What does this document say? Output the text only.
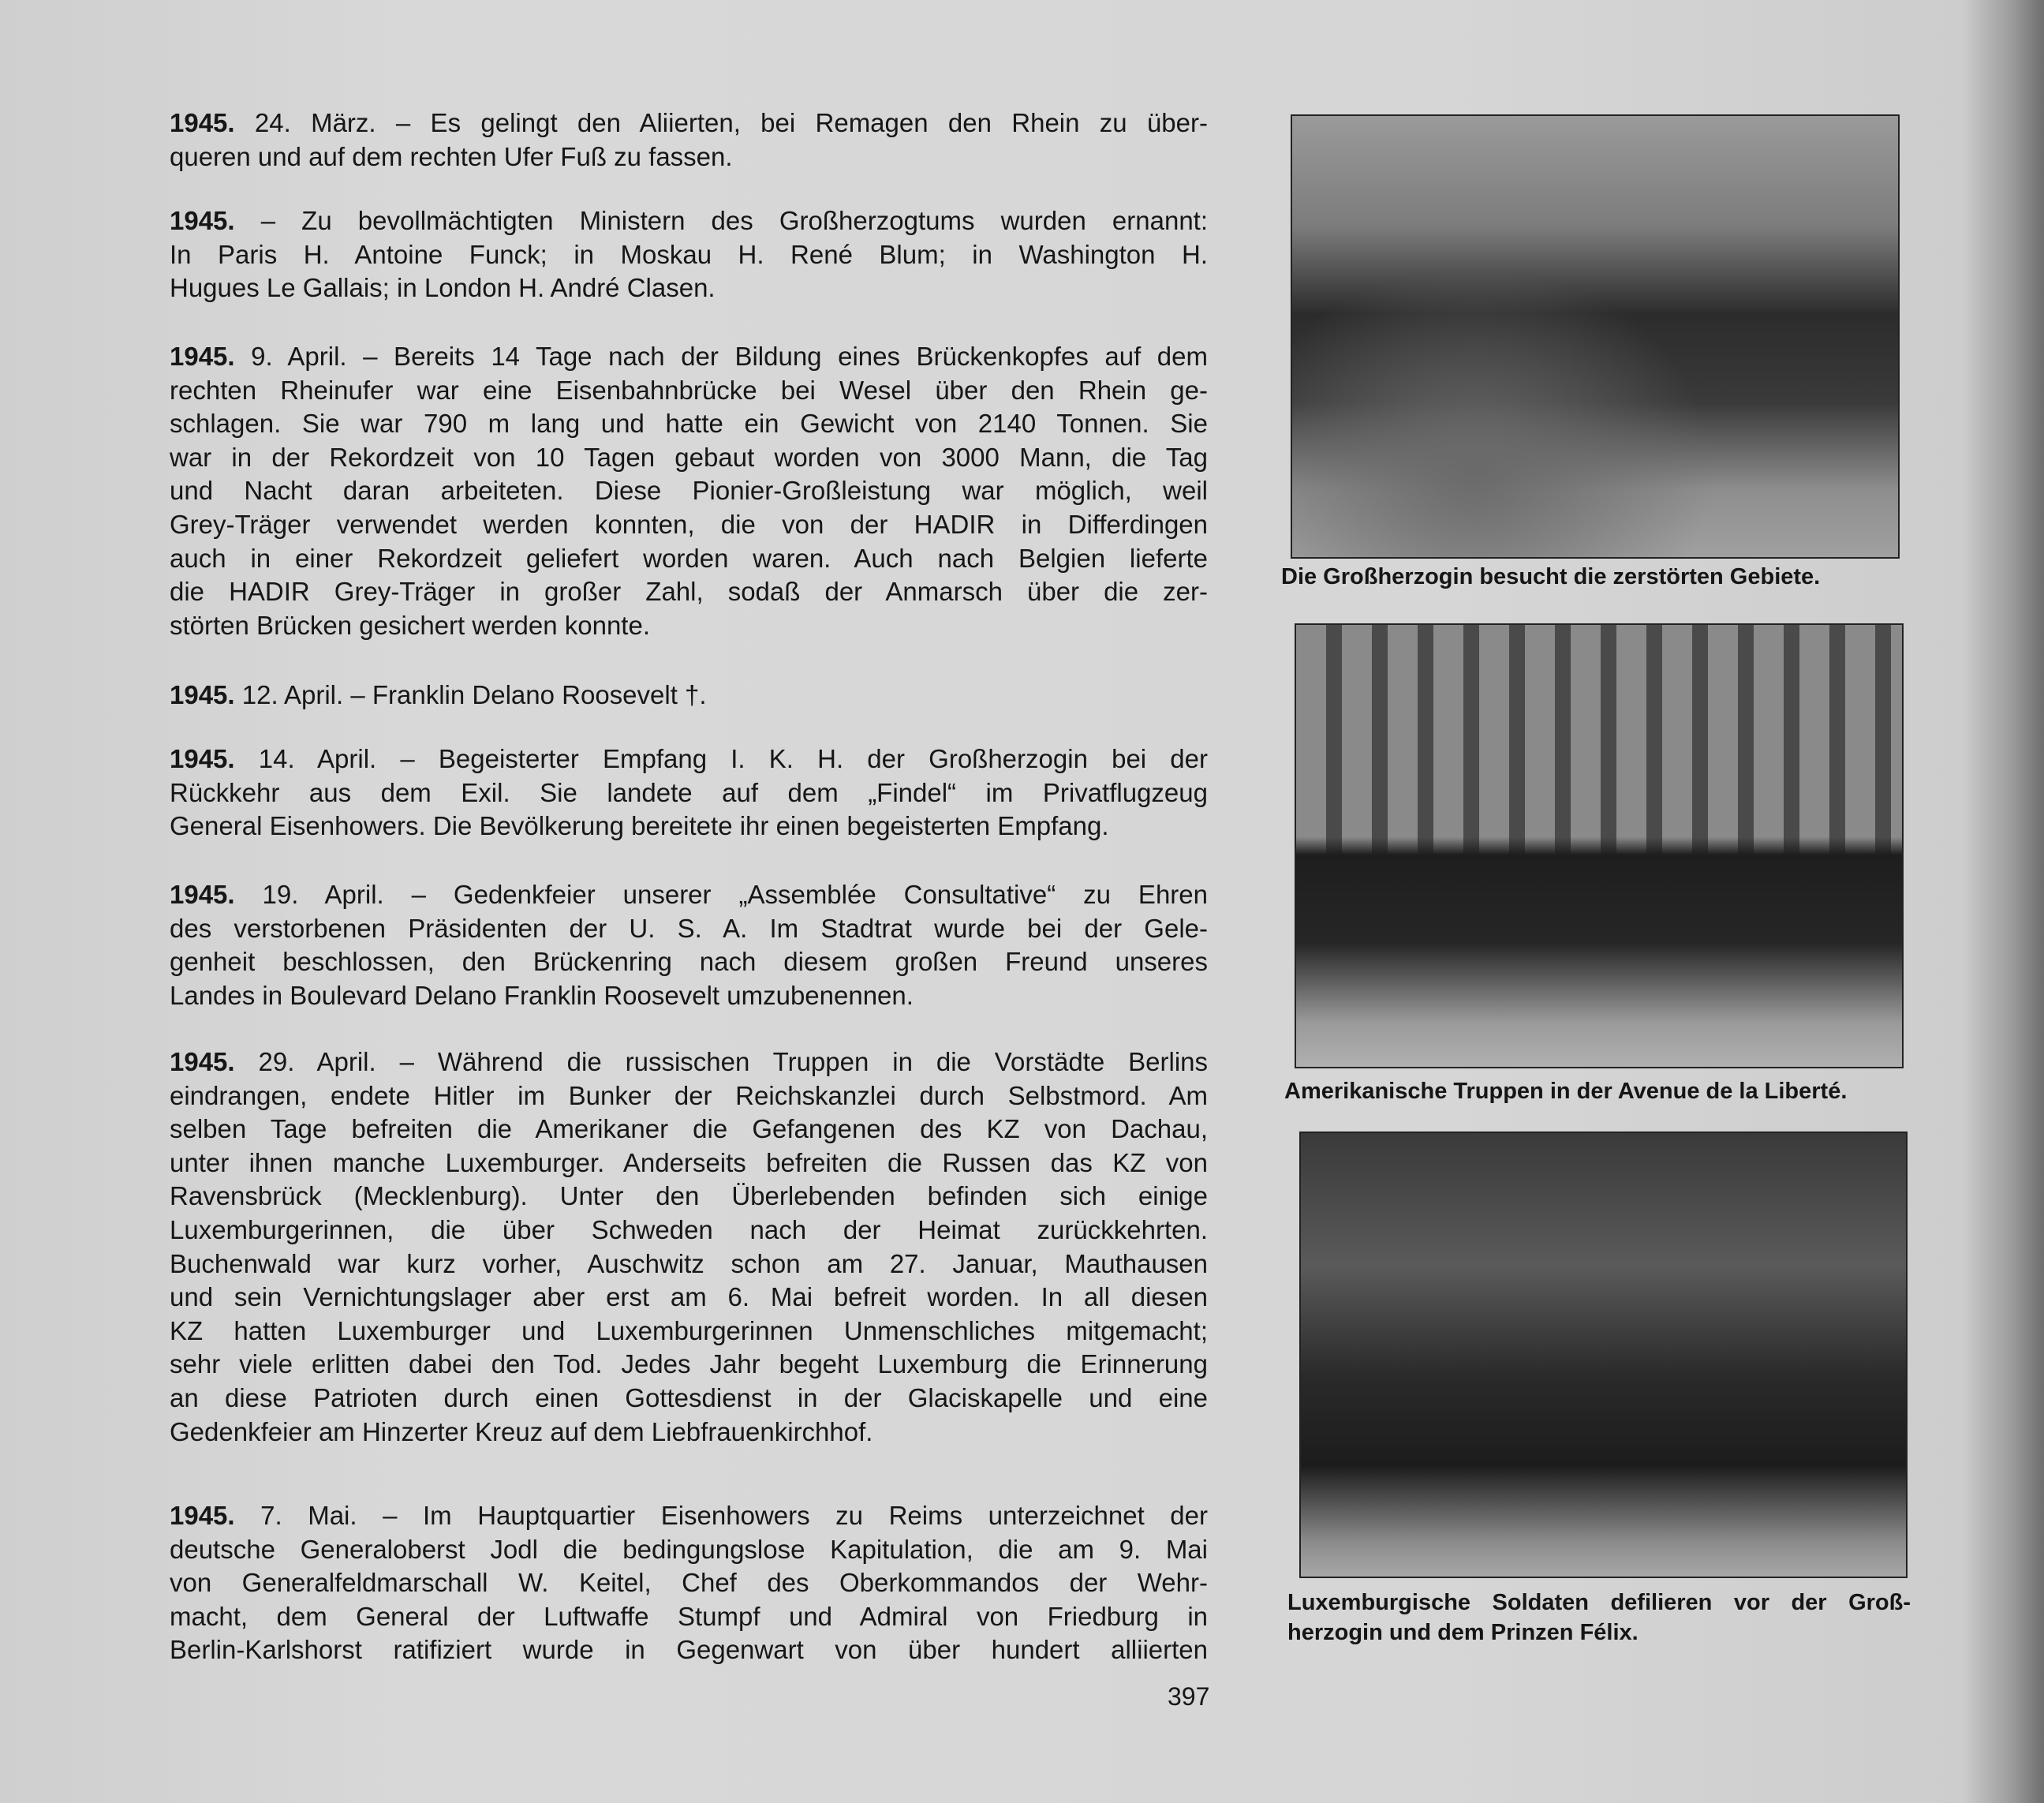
1945. 24. März. – Es gelingt den Aliierten, bei Remagen den Rhein zu über-
queren und auf dem rechten Ufer Fuß zu fassen.
1945. – Zu bevollmächtigten Ministern des Großherzogtums wurden ernannt:
In Paris H. Antoine Funck; in Moskau H. René Blum; in Washington H.
Hugues Le Gallais; in London H. André Clasen.
1945. 9. April. – Bereits 14 Tage nach der Bildung eines Brückenkopfes auf dem
rechten Rheinufer war eine Eisenbahnbrücke bei Wesel über den Rhein ge-
schlagen. Sie war 790 m lang und hatte ein Gewicht von 2140 Tonnen. Sie
war in der Rekordzeit von 10 Tagen gebaut worden von 3000 Mann, die Tag
und Nacht daran arbeiteten. Diese Pionier-Großleistung war möglich, weil
Grey-Träger verwendet werden konnten, die von der HADIR in Differdingen
auch in einer Rekordzeit geliefert worden waren. Auch nach Belgien lieferte
die HADIR Grey-Träger in großer Zahl, sodaß der Anmarsch über die zer-
störten Brücken gesichert werden konnte.
1945. 12. April. – Franklin Delano Roosevelt †.
1945. 14. April. – Begeisterter Empfang I. K. H. der Großherzogin bei der
Rückkehr aus dem Exil. Sie landete auf dem „Findel“ im Privatflugzeug
General Eisenhowers. Die Bevölkerung bereitete ihr einen begeisterten Empfang.
1945. 19. April. – Gedenkfeier unserer „Assemblée Consultative“ zu Ehren
des verstorbenen Präsidenten der U. S. A. Im Stadtrat wurde bei der Gele-
genheit beschlossen, den Brückenring nach diesem großen Freund unseres
Landes in Boulevard Delano Franklin Roosevelt umzubenennen.
1945. 29. April. – Während die russischen Truppen in die Vorstädte Berlins
eindrangen, endete Hitler im Bunker der Reichskanzlei durch Selbstmord. Am
selben Tage befreiten die Amerikaner die Gefangenen des KZ von Dachau,
unter ihnen manche Luxemburger. Anderseits befreiten die Russen das KZ von
Ravensbrück (Mecklenburg). Unter den Überlebenden befinden sich einige
Luxemburgerinnen, die über Schweden nach der Heimat zurückkehrten.
Buchenwald war kurz vorher, Auschwitz schon am 27. Januar, Mauthausen
und sein Vernichtungslager aber erst am 6. Mai befreit worden. In all diesen
KZ hatten Luxemburger und Luxemburgerinnen Unmenschliches mitgemacht;
sehr viele erlitten dabei den Tod. Jedes Jahr begeht Luxemburg die Erinnerung
an diese Patrioten durch einen Gottesdienst in der Glaciskapelle und eine
Gedenkfeier am Hinzerter Kreuz auf dem Liebfrauenkirchhof.
1945. 7. Mai. – Im Hauptquartier Eisenhowers zu Reims unterzeichnet der
deutsche Generaloberst Jodl die bedingungslose Kapitulation, die am 9. Mai
von Generalfeldmarschall W. Keitel, Chef des Oberkommandos der Wehr-
macht, dem General der Luftwaffe Stumpf und Admiral von Friedburg in
Berlin-Karlshorst ratifiziert wurde in Gegenwart von über hundert alliierten
Die Großherzogin besucht die zerstörten Gebiete.
Amerikanische Truppen in der Avenue de la Liberté.
Luxemburgische Soldaten defilieren vor der Groß-
herzogin und dem Prinzen Félix.
397
